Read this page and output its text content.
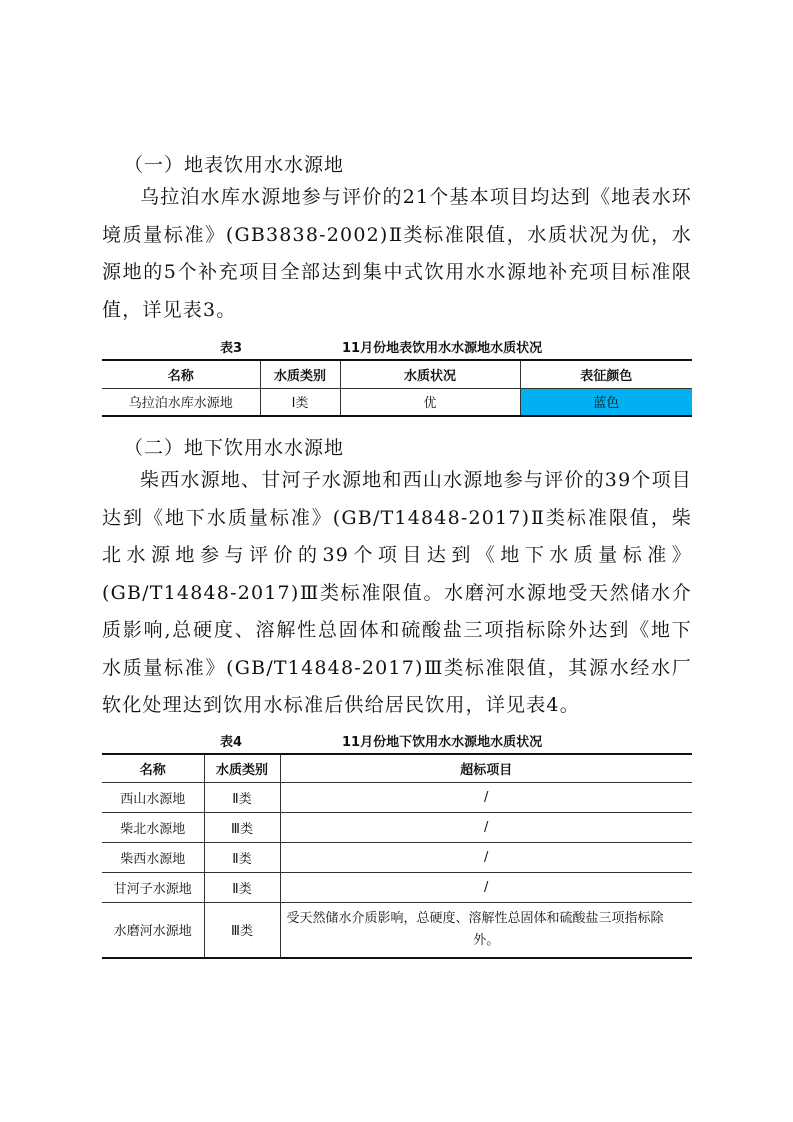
（一）地表饮用水水源地

乌拉泊水库水源地参与评价的21个基本项目均达到《地表水环境质量标准》(GB3838-2002)Ⅱ类标准限值，水质状况为优，水源地的5个补充项目全部达到集中式饮用水水源地补充项目标准限值，详见表3。

表3	11月份地表饮用水水源地水质状况
名称	水质类别	水质状况	表征颜色
乌拉泊水库水源地	Ⅰ类	优	蓝色
（二）地下饮用水水源地

柴西水源地、甘河子水源地和西山水源地参与评价的39个项目达到《地下水质量标准》(GB/T14848-2017)Ⅱ类标准限值，柴北水源地参与评价的39个项目达到《地下水质量标准》(GB/T14848-2017)Ⅲ类标准限值。水磨河水源地受天然储水介质影响,总硬度、溶解性总固体和硫酸盐三项指标除外达到《地下水质量标准》(GB/T14848-2017)Ⅲ类标准限值，其源水经水厂软化处理达到饮用水标准后供给居民饮用，详见表4。

表4	11月份地下饮用水水源地水质状况
名称	水质类别	超标项目
西山水源地	Ⅱ类	/
柴北水源地	Ⅲ类	/
柴西水源地	Ⅱ类	/
甘河子水源地	Ⅱ类	/
水磨河水源地	Ⅲ类	受天然储水介质影响，总硬度、溶解性总固体和硫酸盐三项指标除
外。
